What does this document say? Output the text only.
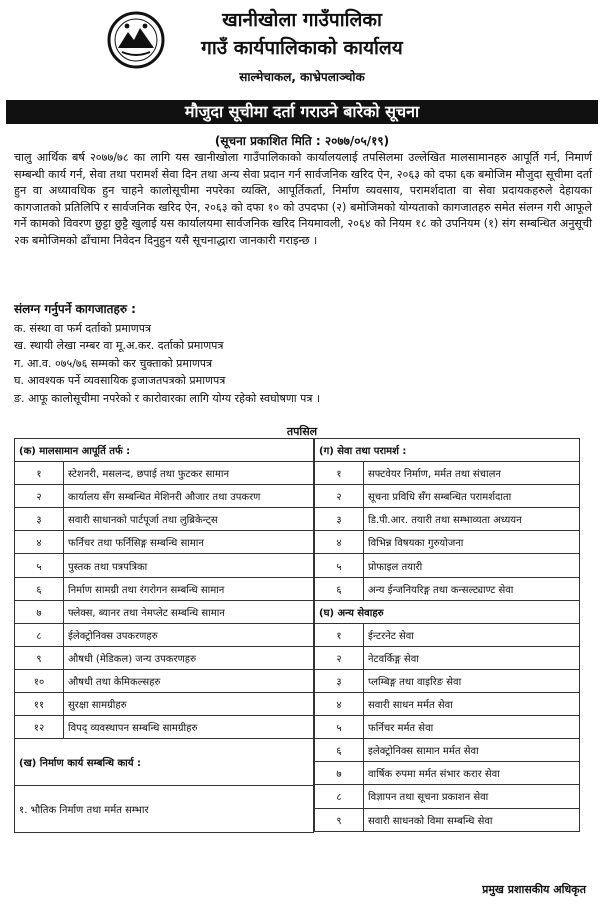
खानीखोला गाउँपालिका
गाउँ कार्यपालिकाको कार्यालय
साल्मेचाकल, काभ्रेपलाञ्चोक
मौजुदा सूचीमा दर्ता गराउने बारेको सूचना
(सूचना प्रकाशित मिति : २०७७/०५/१९)
चालु आर्थिक बर्ष २०७७/७८ का लागि यस खानीखोला गाउँपालिकाको कार्यालयलाई तपसिलमा उल्लेखित मालसामानहरु आपूर्ति गर्न, निमार्ण सम्बन्धी कार्य गर्न, सेवा तथा परामर्श सेवा दिन तथा अन्य सेवा प्रदान गर्न सार्वजनिक खरिद ऐन, २०६३ को दफा ६क बमोजिम मौजुदा सूचीमा दर्ता हुन वा अध्यावधिक हुन चाहने कालोसूचीमा नपरेका व्यक्ति, आपूर्तिकर्ता, निर्माण व्यवसाय, परामर्शदाता वा सेवा प्रदायकहरुले देहायका कागजातको प्रतिलिपि र सार्वजनिक खरिद ऐन, २०६३ को दफा १० को उपदफा (२) बमोजिमको योग्यताको कागजातहरु समेत संलग्न गरी आफूले गर्ने कामको विवरण छुट्टा छुट्टै खुलाई यस कार्यालयमा सार्वजनिक खरिद नियमावली, २०६४ को नियम १८ को उपनियम (१) संग सम्बन्धित अनुसूची २क बमोजिमको ढाँचामा निवेदन दिनुहुन यसै सूचनाद्धारा जानकारी गराइन्छ ।
संलग्न गर्नुपर्ने कागजातहरु :
क. संस्था वा फर्म दर्ताको प्रमाणपत्र
ख. स्थायी लेखा नम्बर वा मू.अ.कर. दर्ताको प्रमाणपत्र
ग. आ.व. ०७५/७६ सम्मको कर चुक्ताको प्रमाणपत्र
घ. आवश्यक पर्ने व्यवसायिक इजाजतपत्रको प्रमाणपत्र
ङ. आफू कालोसूचीमा नपरेको र कारोवारका लागि योग्य रहेको स्वघोषणा पत्र ।
तपसिल
(क) मालसामान आपूर्ति तर्फ :	
१	स्टेशनरी, मसलन्द, छपाई तथा फुटकर सामान
२	कार्यालय सँग सम्बन्धित मेशिनरी औजार तथा उपकरण
३	सवारी साधानको पार्टपूर्जा तथा लुब्रिकेन्ट्स
४	फर्निचर तथा फर्निसिङ्ग सम्बन्धि सामान
५	पुस्तक तथा पत्रपत्रिका
६	निर्माण सामग्री तथा रंगरोगन सम्बन्धि सामान
७	फ्लेक्स, ब्यानर तथा नेमप्लेट सम्बन्धि सामान
८	ईलेक्ट्रोनिक्स उपकरणहरु
९	औषधी (मेडिकल) जन्य उपकरणहरु
१०	औषधी तथा केमिकल्सहरु
११	सुरक्षा सामग्रीहरु
१२	विपद् व्यवस्थापन सम्बन्धि सामग्रीहरु
(ख) निर्माण कार्य सम्बन्धि कार्य :	
१. भौतिक निर्माण तथा मर्मत सम्भार	
(ग) सेवा तथा परामर्श :	
१	सफ्टवेयर निर्माण, मर्मत तथा संचालन
२	सूचना प्रविधि सँग सम्बन्धित परामर्शदाता
३	डि.पी.आर. तयारी तथा सम्भाव्यता अध्ययन
४	विभिन्न विषयका गुरुयोजना
५	प्रोफाइल तयारी
६	अन्य ईन्जनियरिङ्ग तथा कन्सल्ट्याण्ट सेवा
(घ) अन्य सेवाहरु	
१	ईन्टरनेट सेवा
२	नेटवर्किङ्ग सेवा
३	प्लम्बिङ्ग तथा वाइरिङ सेवा
४	सवारी साधन मर्मत सेवा
५	फर्निचर मर्मत सेवा
६	इलेक्ट्रोनिक्स सामान मर्मत सेवा
७	वार्षिक रुपमा मर्मत संभार करार सेवा
८	विज्ञापन तथा सूचना प्रकाशन सेवा
९	सवारी साधनको विमा सम्बन्धि सेवा
प्रमुख प्रशासकीय अधिकृत
